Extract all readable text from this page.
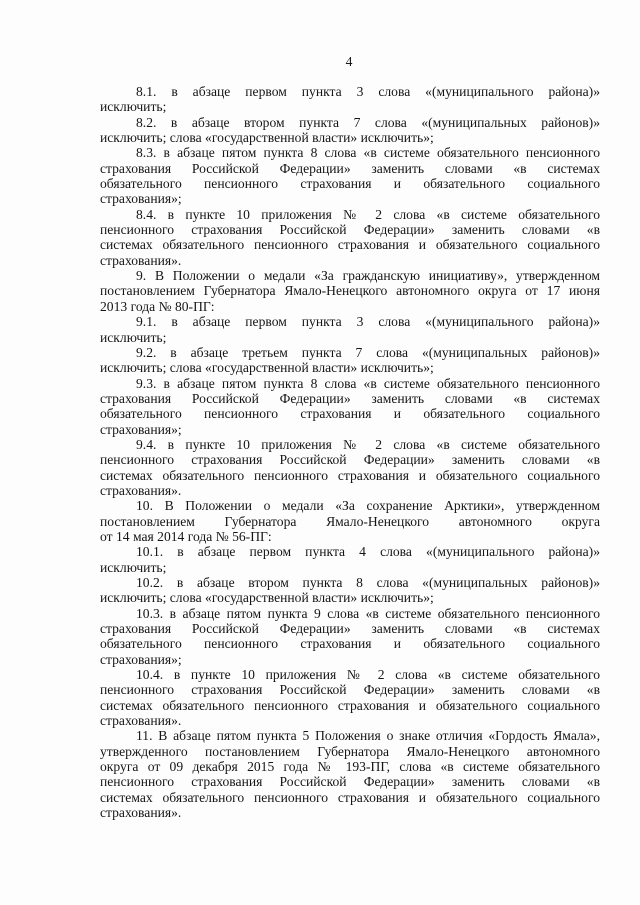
4
8.1. в абзаце первом пункта 3 слова «(муниципального района)»
исключить;
8.2. в абзаце втором пункта 7 слова «(муниципальных районов)»
исключить; слова «государственной власти» исключить»;
8.3. в абзаце пятом пункта 8 слова «в системе обязательного пенсионного
страхования Российской Федерации» заменить словами «в системах
обязательного пенсионного страхования и обязательного социального
страхования»;
8.4. в пункте 10 приложения № 2 слова «в системе обязательного
пенсионного страхования Российской Федерации» заменить словами «в
системах обязательного пенсионного страхования и обязательного социального
страхования».
9. В Положении о медали «За гражданскую инициативу», утвержденном
постановлением Губернатора Ямало-Ненецкого автономного округа от 17 июня
2013 года № 80-ПГ:
9.1. в абзаце первом пункта 3 слова «(муниципального района)»
исключить;
9.2. в абзаце третьем пункта 7 слова «(муниципальных районов)»
исключить; слова «государственной власти» исключить»;
9.3. в абзаце пятом пункта 8 слова «в системе обязательного пенсионного
страхования Российской Федерации» заменить словами «в системах
обязательного пенсионного страхования и обязательного социального
страхования»;
9.4. в пункте 10 приложения № 2 слова «в системе обязательного
пенсионного страхования Российской Федерации» заменить словами «в
системах обязательного пенсионного страхования и обязательного социального
страхования».
10. В Положении о медали «За сохранение Арктики», утвержденном
постановлением Губернатора Ямало-Ненецкого автономного округа
от 14 мая 2014 года № 56-ПГ:
10.1. в абзаце первом пункта 4 слова «(муниципального района)»
исключить;
10.2. в абзаце втором пункта 8 слова «(муниципальных районов)»
исключить; слова «государственной власти» исключить»;
10.3. в абзаце пятом пункта 9 слова «в системе обязательного пенсионного
страхования Российской Федерации» заменить словами «в системах
обязательного пенсионного страхования и обязательного социального
страхования»;
10.4. в пункте 10 приложения № 2 слова «в системе обязательного
пенсионного страхования Российской Федерации» заменить словами «в
системах обязательного пенсионного страхования и обязательного социального
страхования».
11. В абзаце пятом пункта 5 Положения о знаке отличия «Гордость Ямала»,
утвержденного постановлением Губернатора Ямало-Ненецкого автономного
округа от 09 декабря 2015 года № 193-ПГ, слова «в системе обязательного
пенсионного страхования Российской Федерации» заменить словами «в
системах обязательного пенсионного страхования и обязательного социального
страхования».
